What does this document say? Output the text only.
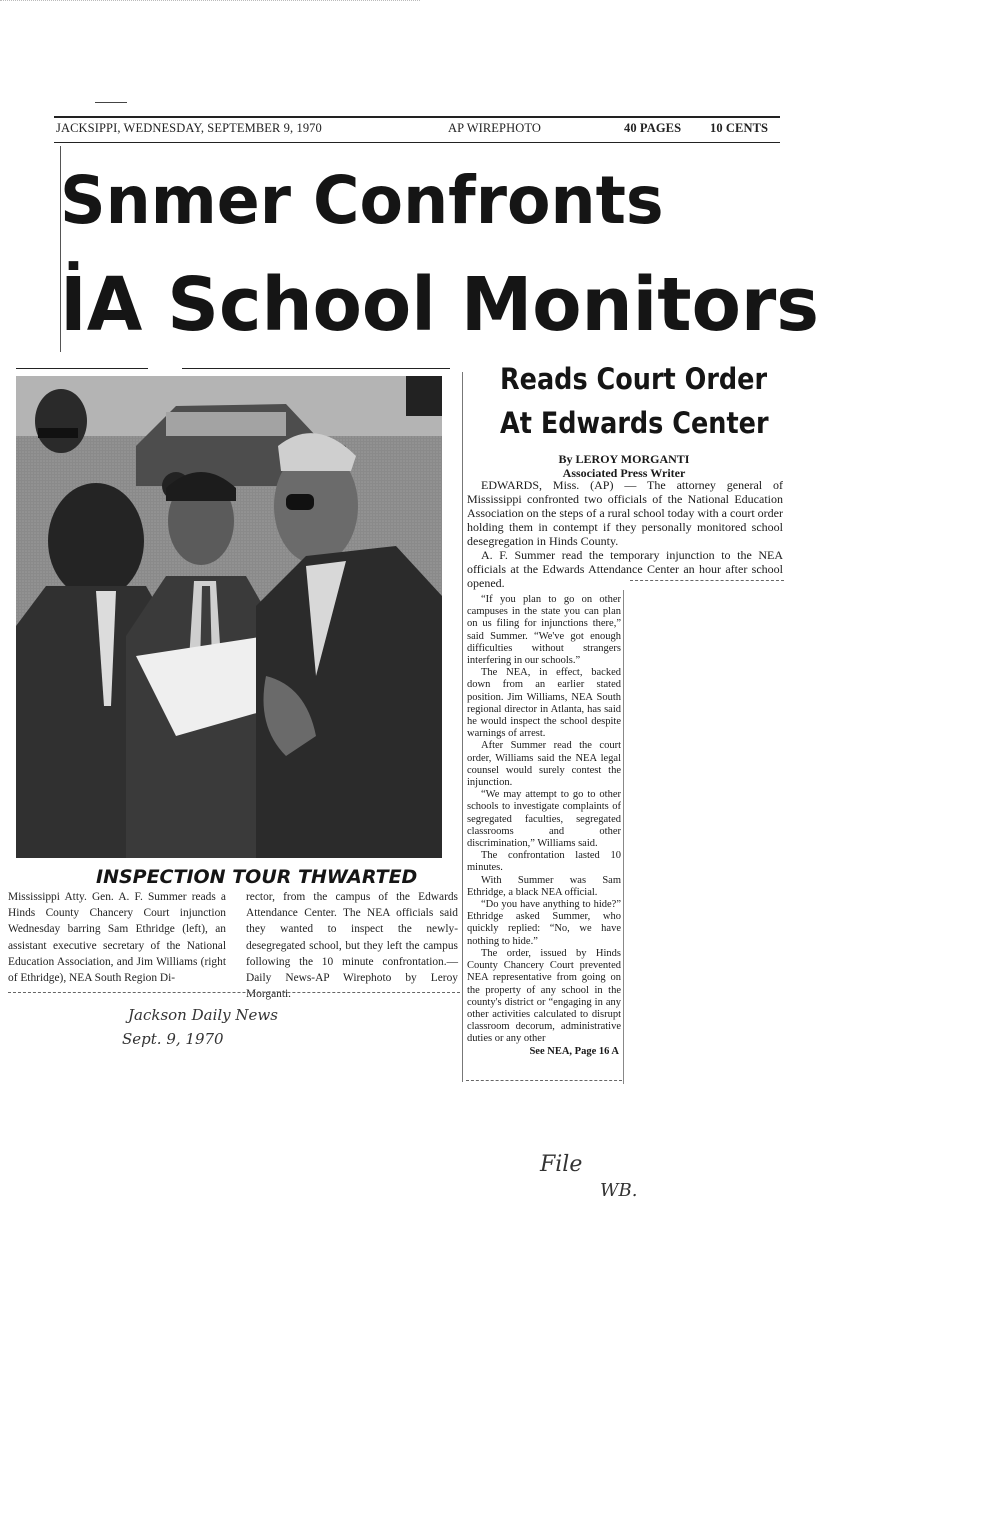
JACKSIPPI, WEDNESDAY, SEPTEMBER 9, 1970	AP WIREPHOTO	40 PAGES 10 CENTS
Snmer Confronts
İA School Monitors
Reads Court Order
At Edwards Center
By LEROY MORGANTI
Associated Press Writer

EDWARDS, Miss. (AP) — The attorney general of Mississippi confronted two officials of the National Education Association on the steps of a rural school today with a court order holding them in contempt if they personally monitored school desegregation in Hinds County.

A. F. Summer read the temporary injunction to the NEA officials at the Edwards Attendance Center an hour after school opened.

“If you plan to go on other campuses in the state you can plan on us filing for injunctions there,” said Summer. “We've got enough difficulties without strangers interfering in our schools.”

The NEA, in effect, backed down from an earlier stated position. Jim Williams, NEA South regional director in Atlanta, has said he would inspect the school despite warnings of arrest.

After Summer read the court order, Williams said the NEA legal counsel would surely contest the injunction.

“We may attempt to go to other schools to investigate complaints of segregated faculties, segregated classrooms and other discrimination,” Williams said.

The confrontation lasted 10 minutes.

With Summer was Sam Ethridge, a black NEA official.

“Do you have anything to hide?” Ethridge asked Summer, who quickly replied: “No, we have nothing to hide.”

The order, issued by Hinds County Chancery Court prevented NEA representative from going on the property of any school in the county's district or “engaging in any other activities calculated to disrupt classroom decorum, administrative duties or any other

See NEA, Page 16 A
INSPECTION TOUR THWARTED
Mississippi Atty. Gen. A. F. Summer reads a Hinds County Chancery Court injunction Wednesday barring Sam Ethridge (left), an assistant executive secretary of the National Education Association, and Jim Williams (right of Ethridge), NEA South Region Di-
rector, from the campus of the Edwards Attendance Center. The NEA officials said they wanted to inspect the newly-desegregated school, but they left the campus following the 10 minute confrontation.—Daily News-AP Wirephoto by Leroy Morganti.
Jackson Daily News
Sept. 9, 1970
File
WB.
